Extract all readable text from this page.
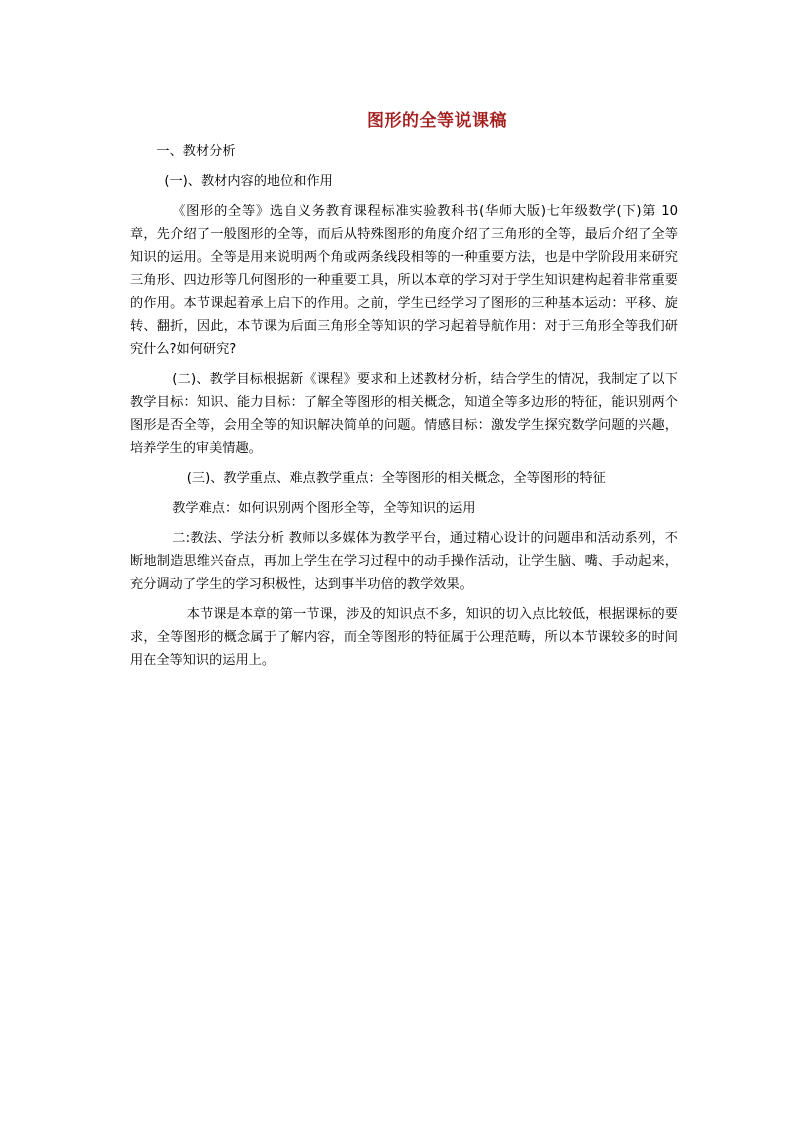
图形的全等说课稿

一、教材分析

(一)、教材内容的地位和作用

《图形的全等》选自义务教育课程标准实验教科书(华师大版)七年级数学(下)第 10 章，先介绍了一般图形的全等，而后从特殊图形的角度介绍了三角形的全等，最后介绍了全等知识的运用。全等是用来说明两个角或两条线段相等的一种重要方法，也是中学阶段用来研究三角形、四边形等几何图形的一种重要工具，所以本章的学习对于学生知识建构起着非常重要的作用。本节课起着承上启下的作用。之前，学生已经学习了图形的三种基本运动：平移、旋转、翻折，因此，本节课为后面三角形全等知识的学习起着导航作用：对于三角形全等我们研究什么?如何研究?

(二)、教学目标根据新《课程》要求和上述教材分析，结合学生的情况，我制定了以下教学目标：知识、能力目标：了解全等图形的相关概念，知道全等多边形的特征，能识别两个图形是否全等，会用全等的知识解决简单的问题。情感目标：激发学生探究数学问题的兴趣，培养学生的审美情趣。

(三)、教学重点、难点教学重点：全等图形的相关概念，全等图形的特征

教学难点：如何识别两个图形全等，全等知识的运用

二:教法、学法分析 教师以多媒体为教学平台，通过精心设计的问题串和活动系列，不断地制造思维兴奋点，再加上学生在学习过程中的动手操作活动，让学生脑、嘴、手动起来，充分调动了学生的学习积极性，达到事半功倍的教学效果。

本节课是本章的第一节课，涉及的知识点不多，知识的切入点比较低，根据课标的要求，全等图形的概念属于了解内容，而全等图形的特征属于公理范畴，所以本节课较多的时间用在全等知识的运用上。
